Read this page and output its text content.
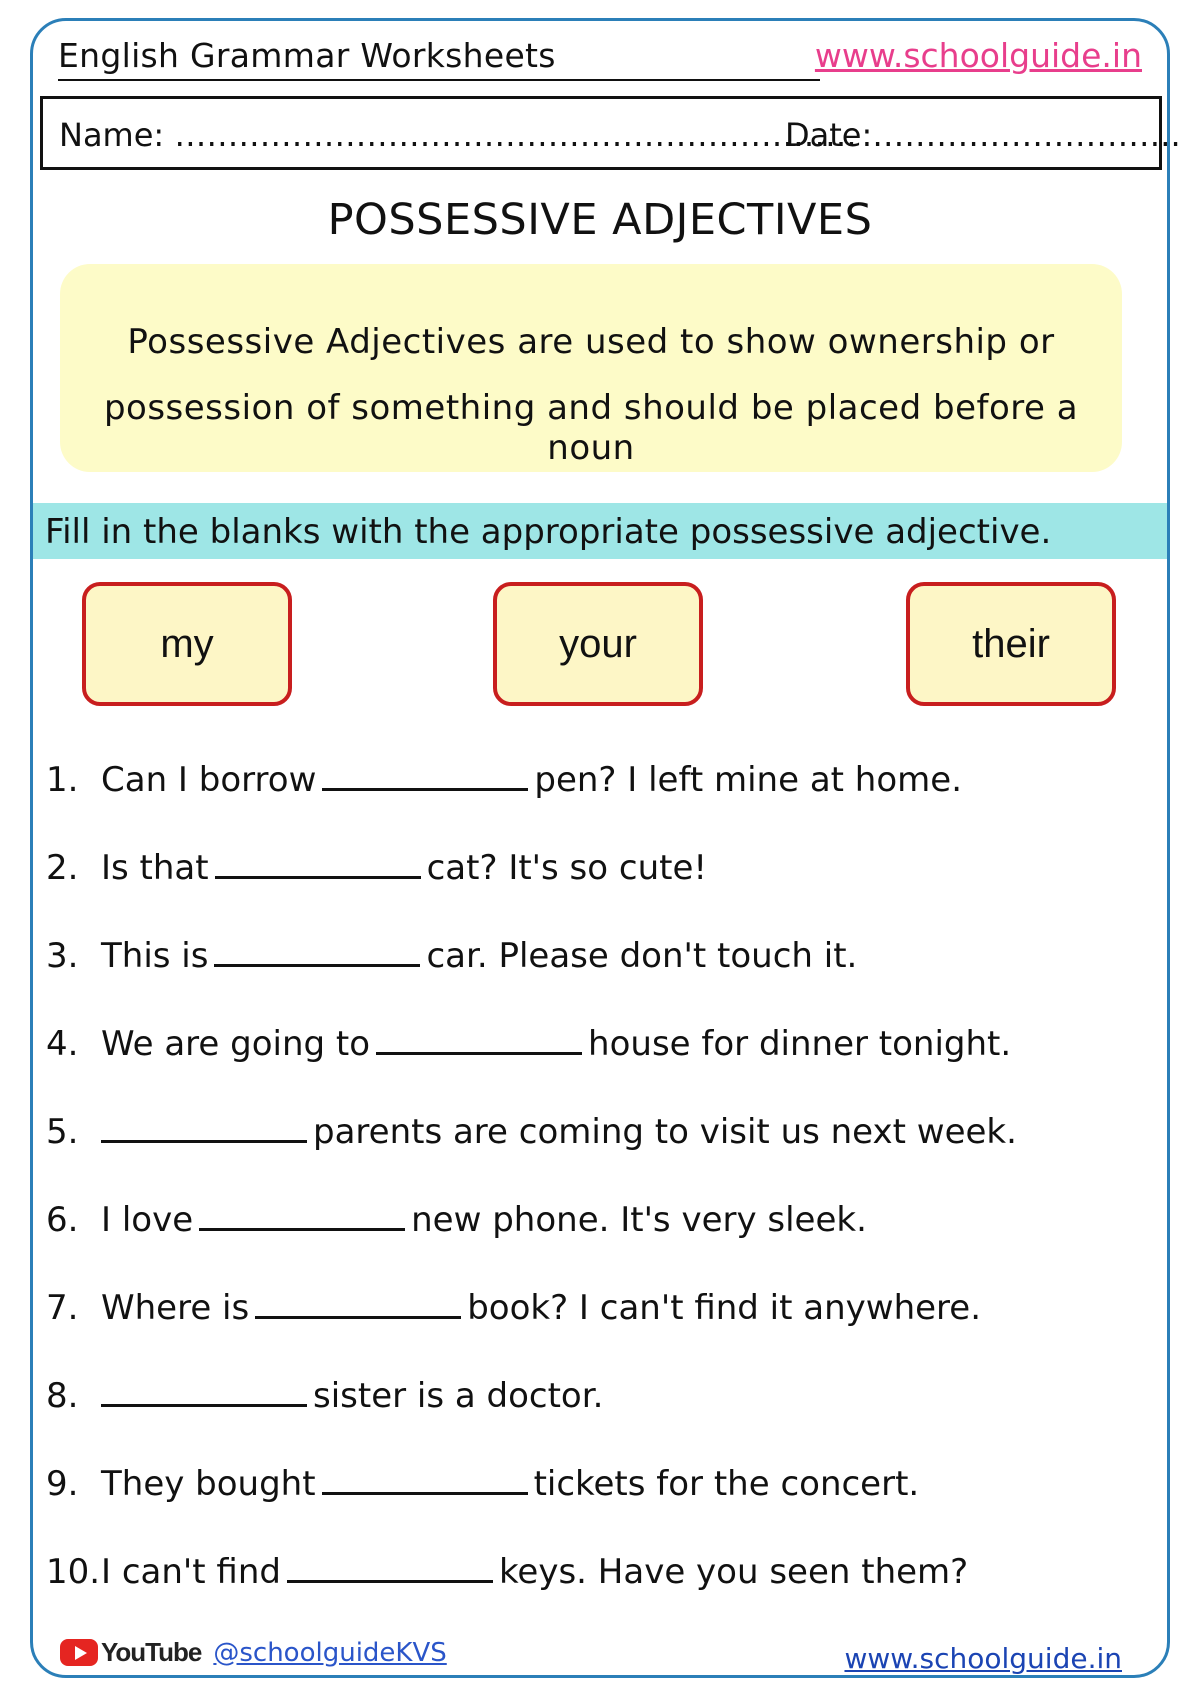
English Grammar Worksheets	www.schoolguide.in
Name: ……………………………………………………….
Date:………………………..
POSSESSIVE ADJECTIVES
Possessive Adjectives are used to show ownership or
possession of something and should be placed before a noun
Fill in the blanks with the appropriate possessive adjective.
my	your	their
1. Can I borrow	pen? I left mine at home.
2. Is that	cat? It's so cute!
3. This is	car. Please don't touch it.
4. We are going to	house for dinner tonight.
5.	parents are coming to visit us next week.
6. I love	new phone. It's very sleek.
7. Where is	book? I can't find it anywhere.
8.	sister is a doctor.
9. They bought	tickets for the concert.
10.I can't find	keys. Have you seen them?
YouTube @schoolguideKVS	www.schoolguide.in
